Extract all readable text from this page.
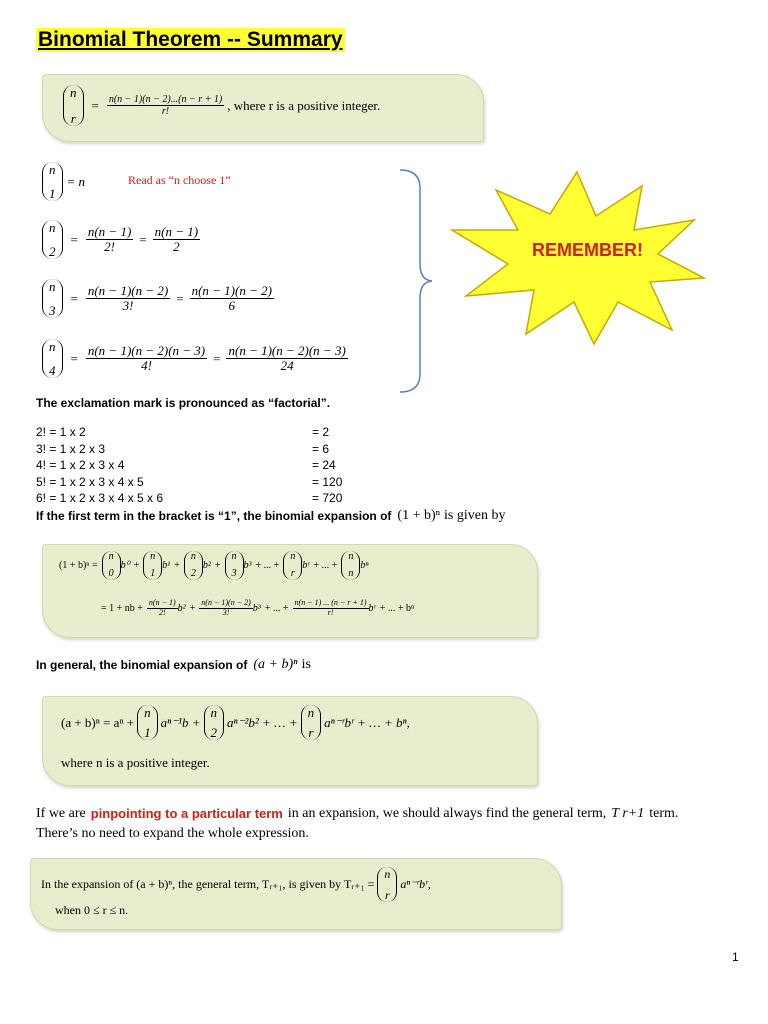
Binomial Theorem -- Summary
n
r
= $\frac{n(n - 1)(n - 2)...(n - r + 1)}{r!}$ , where r is a positive integer.
n
1
= n	Read as “n choose 1”
n
2
= $\frac{n(n - 1)}{2!} = \frac{n(n - 1)}{2}$
n
3
= $\frac{n(n - 1)(n - 2)}{3!} = \frac{n(n - 1)(n - 2)}{6}$
n
4
= $\frac{n(n - 1)(n - 2)(n - 3)}{4!} = \frac{n(n - 1)(n - 2)(n - 3)}{24}$
REMEMBER!
The exclamation mark is pronounced as “factorial”.
2! = 1 x 2	= 2
3! = 1 x 2 x 3	= 6
4! = 1 x 2 x 3 x 4	= 24
5! = 1 x 2 x 3 x 4 x 5	= 120
6! = 1 x 2 x 3 x 4 x 5 x 6	= 720
If the first term in the bracket is “1”, the binomial expansion of (1 + b)ⁿ is given by
(1 + b)ⁿ =
n
0
b⁰ +
n
1
b¹ +
n
2
b² +
n
3
b³ + ... +
n
r
bʳ + ... +
n
n
bⁿ
= 1 + nb + $\frac{n(n - 1)}{2!} b^2 + \frac{n(n - 1)(n - 2)}{3!} b^3$ + ... + $\frac{n(n - 1) ... (n - r + 1)}{r!}$ bʳ + ... + bⁿ
In general, the binomial expansion of (a + b)ⁿ is
(a + b)ⁿ = aⁿ +
n
1
aⁿ⁻¹b +
n
2
aⁿ⁻²b² + … +
n
r
aⁿ⁻ʳbʳ + … + bⁿ,
where n is a positive integer.
If we are pinpointing to a particular term in an expansion, we should always find the general term, T r+1 term.
There’s no need to expand the whole expression.
In the expansion of (a + b)ⁿ, the general term, Tᵣ₊₁, is given by Tᵣ₊₁ =
n
r
aⁿ⁻ʳbʳ,
when 0 ≤ r ≤ n.
1
